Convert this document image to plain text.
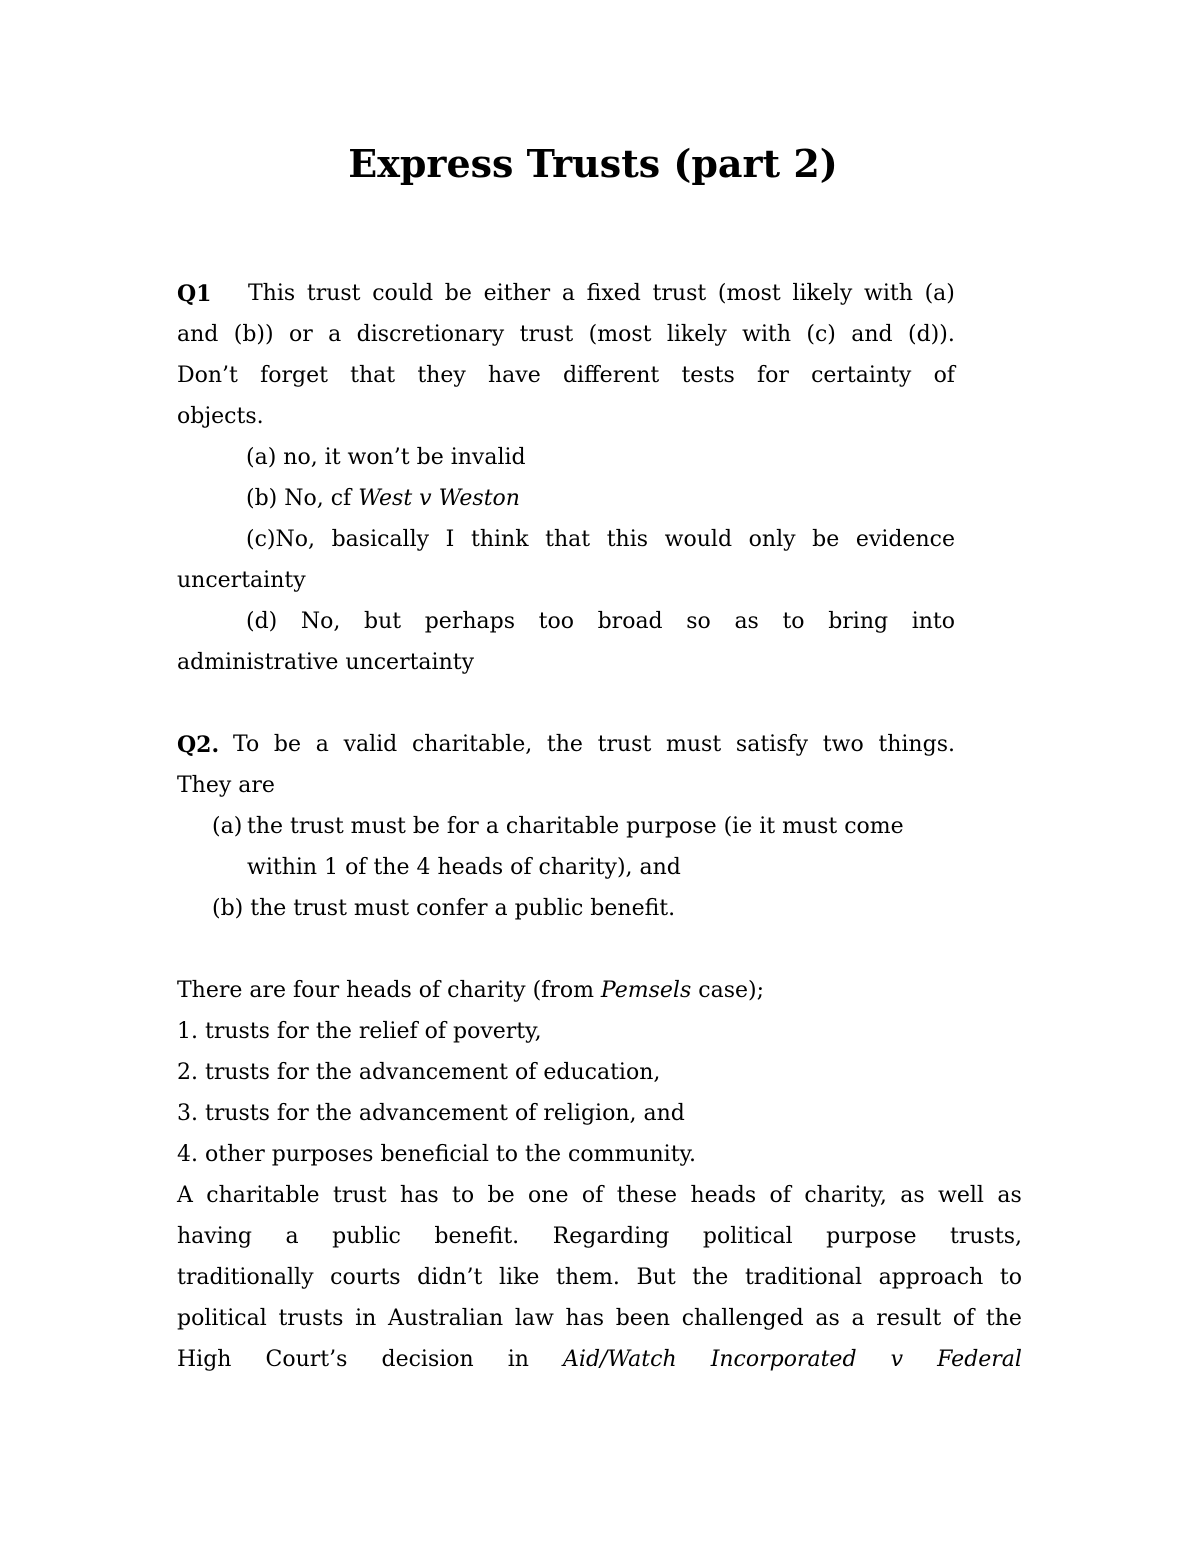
Express Trusts (part 2)
Q1 This trust could be either a fixed trust (most likely with (a)
and (b)) or a discretionary trust (most likely with (c) and (d)).
Don’t forget that they have different tests for certainty of
objects.
(a) no, it won’t be invalid
(b) No, cf West v Weston
(c)No, basically I think that this would only be evidence
uncertainty
(d) No, but perhaps too broad so as to bring into
administrative uncertainty
Q2. To be a valid charitable, the trust must satisfy two things.
They are
(a) the trust must be for a charitable purpose (ie it must come
within 1 of the 4 heads of charity), and
(b) the trust must confer a public benefit.
There are four heads of charity (from Pemsels case);
1. trusts for the relief of poverty,
2. trusts for the advancement of education,
3. trusts for the advancement of religion, and
4. other purposes beneficial to the community.
A charitable trust has to be one of these heads of charity, as well as
having a public benefit. Regarding political purpose trusts,
traditionally courts didn’t like them. But the traditional approach to
political trusts in Australian law has been challenged as a result of the
High Court’s decision in Aid/Watch Incorporated v Federal
